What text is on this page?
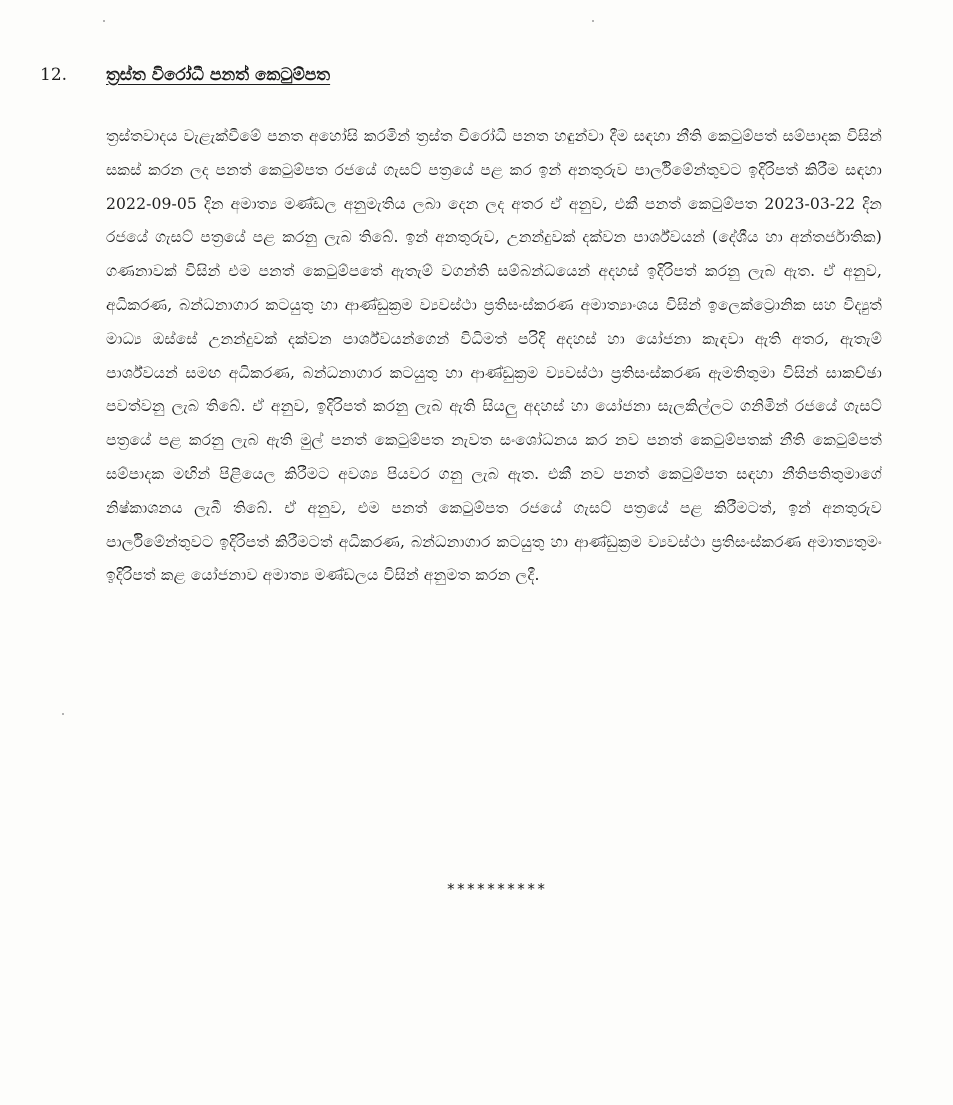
12.	ත්‍රස්ත විරෝධී පනත් කෙටුම්පත
ත්‍රස්තවාදය වැළැක්වීමේ පනත අහෝසි කරමින් ත්‍රස්ත විරෝධී පනත හඳුන්වා දීම සඳහා නීති කෙටුම්පත් සම්පාදක විසින් සකස් කරන ලද පනත් කෙටුම්පත රජයේ ගැසට් පත්‍රයේ පළ කර ඉන් අනතුරුව පාර්ලිමේන්තුවට ඉදිරිපත් කිරීම සඳහා 2022-09-05 දින අමාත්‍ය මණ්ඩල අනුමැතිය ලබා දෙන ලද අතර ඒ අනුව, එකී පනත් කෙටුම්පත 2023-03-22 දින රජයේ ගැසට් පත්‍රයේ පළ කරනු ලැබ තිබේ. ඉන් අනතුරුව, උනන්දුවක් දක්වන පාර්ශ්වයන් (දේශීය හා අන්තර්ජාතික) ගණනාවක් විසින් එම පනත් කෙටුම්පතේ ඇතැම් වගන්ති සම්බන්ධයෙන් අදහස් ඉදිරිපත් කරනු ලැබ ඇත. ඒ අනුව, අධිකරණ, බන්ධනාගාර කටයුතු හා ආණ්ඩුක්‍රම ව්‍යවස්ථා ප්‍රතිසංස්කරණ අමාත්‍යාංශය විසින් ඉලෙක්ට්‍රොනික සහ විද්‍යුත් මාධ්‍ය ඔස්සේ උනන්දුවක් දක්වන පාර්ශ්වයන්ගෙන් විධිමත් පරිදි අදහස් හා යෝජනා කැඳවා ඇති අතර, ඇතැම් පාර්ශ්වයන් සමඟ අධිකරණ, බන්ධනාගාර කටයුතු හා ආණ්ඩුක්‍රම ව්‍යවස්ථා ප්‍රතිසංස්කරණ ඇමතිතුමා විසින් සාකච්ඡා පවත්වනු ලැබ තිබේ. ඒ අනුව, ඉදිරිපත් කරනු ලැබ ඇති සියලු අදහස් හා යෝජනා සැලකිල්ලට ගනිමින් රජයේ ගැසට් පත්‍රයේ පළ කරනු ලැබ ඇති මුල් පනත් කෙටුම්පත නැවත සංශෝධනය කර නව පනත් කෙටුම්පතක් නීති කෙටුම්පත් සම්පාදක මඟින් පිළියෙල කිරීමට අවශ්‍ය පියවර ගනු ලැබ ඇත. එකී නව පනත් කෙටුම්පත සඳහා නීතිපතිතුමාගේ නිෂ්කාශනය ලැබී තිබේ. ඒ අනුව, එම පනත් කෙටුම්පත රජයේ ගැසට් පත්‍රයේ පළ කිරීමටත්, ඉන් අනතුරුව පාර්ලිමේන්තුවට ඉදිරිපත් කිරීමටත් අධිකරණ, බන්ධනාගාර කටයුතු හා ආණ්ඩුක්‍රම ව්‍යවස්ථා ප්‍රතිසංස්කරණ අමාත්‍යතුමං ඉදිරිපත් කළ යෝජනාව අමාත්‍ය මණ්ඩලය විසින් අනුමත කරන ලදී.
**********
